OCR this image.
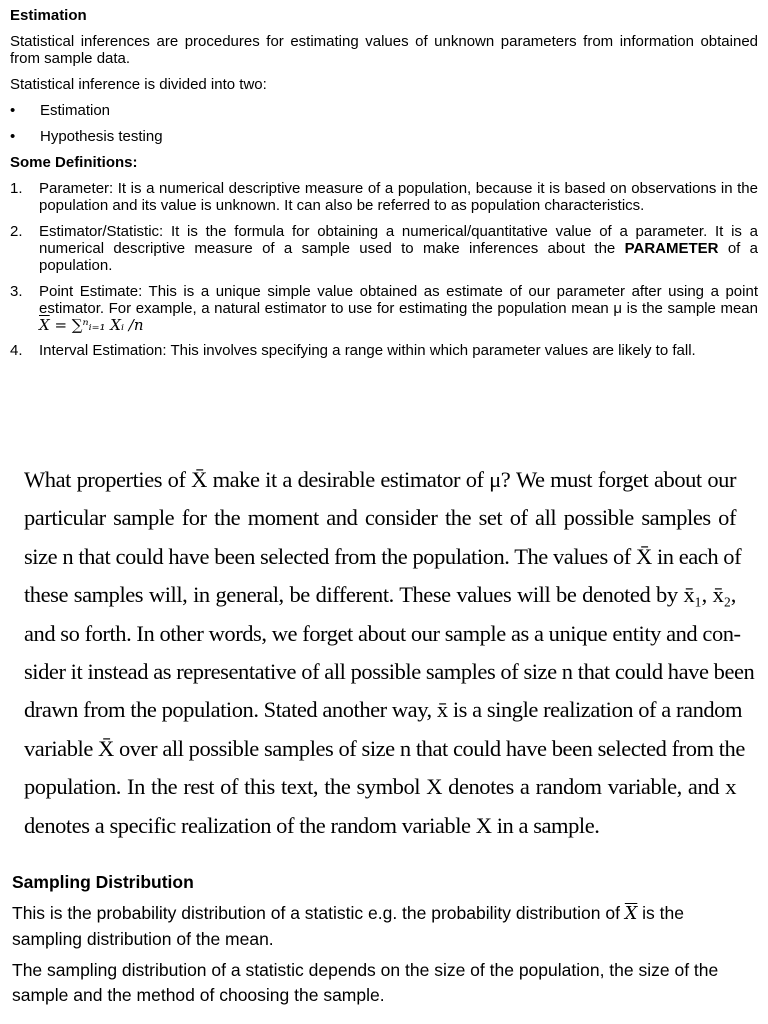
Estimation
Statistical inferences are procedures for estimating values of unknown parameters from information obtained from sample data.
Statistical inference is divided into two:
•	Estimation
•	Hypothesis testing
Some Definitions:
1.	Parameter: It is a numerical descriptive measure of a population, because it is based on observations in the population and its value is unknown. It can also be referred to as population characteristics.
2.	Estimator/Statistic: It is the formula for obtaining a numerical/quantitative value of a parameter. It is a numerical descriptive measure of a sample used to make inferences about the PARAMETER of a population.
3.	Point Estimate: This is a unique simple value obtained as estimate of our parameter after using a point estimator. For example, a natural estimator to use for estimating the population mean μ is the sample mean $\overline{X}$ = ∑ⁿᵢ₌₁ Xᵢ /n
4.	Interval Estimation: This involves specifying a range within which parameter values are likely to fall.
What properties of X̄ make it a desirable estimator of μ? We must forget about our
particular sample for the moment and consider the set of all possible samples of
size n that could have been selected from the population. The values of X̄ in each of
these samples will, in general, be different. These values will be denoted by x̄₁, x̄₂,
and so forth. In other words, we forget about our sample as a unique entity and con-
sider it instead as representative of all possible samples of size n that could have been
drawn from the population. Stated another way, x̄ is a single realization of a random
variable X̄ over all possible samples of size n that could have been selected from the
population. In the rest of this text, the symbol X denotes a random variable, and x
denotes a specific realization of the random variable X in a sample.
Sampling Distribution
This is the probability distribution of a statistic e.g. the probability distribution of $\overline{X}$ is the sampling distribution of the mean.
The sampling distribution of a statistic depends on the size of the population, the size of the sample and the method of choosing the sample.
